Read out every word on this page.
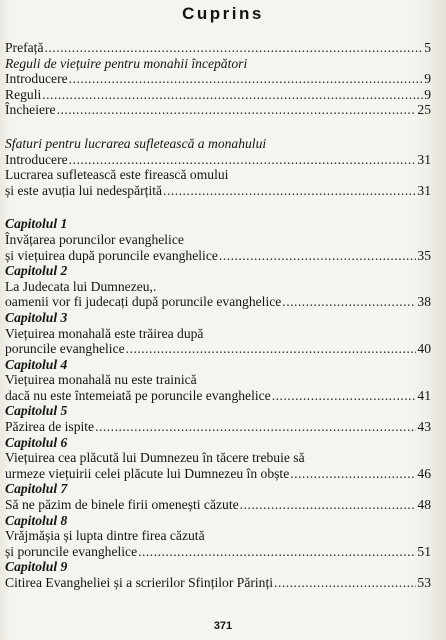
Cuprins
Prefață .....	5
Reguli de viețuire pentru monahii începători
Introducere .....	9
Reguli .....	9
Încheiere .....	25
Sfaturi pentru lucrarea sufletească a monahului
Introducere .....	31
Lucrarea sufletească este firească omului
și este avuția lui nedespărțită .....	31
Capitolul 1
Învățarea poruncilor evanghelice
și viețuirea după poruncile evanghelice .....	35
Capitolul 2
La Judecata lui Dumnezeu,.
oamenii vor fi judecați după poruncile evanghelice .....	38
Capitolul 3
Viețuirea monahală este trăirea după
poruncile evanghelice .....	40
Capitolul 4
Viețuirea monahală nu este trainică
dacă nu este întemeiată pe poruncile evanghelice .....	41
Capitolul 5
Păzirea de ispite .....	43
Capitolul 6
Viețuirea cea plăcută lui Dumnezeu în tăcere trebuie să
urmeze viețuirii celei plăcute lui Dumnezeu în obște .....	46
Capitolul 7
Să ne păzim de binele firii omenești căzute .....	48
Capitolul 8
Vrăjmășia și lupta dintre firea căzută
și poruncile evanghelice .....	51
Capitolul 9
Citirea Evangheliei și a scrierilor Sfinților Părinți .....	53
371
